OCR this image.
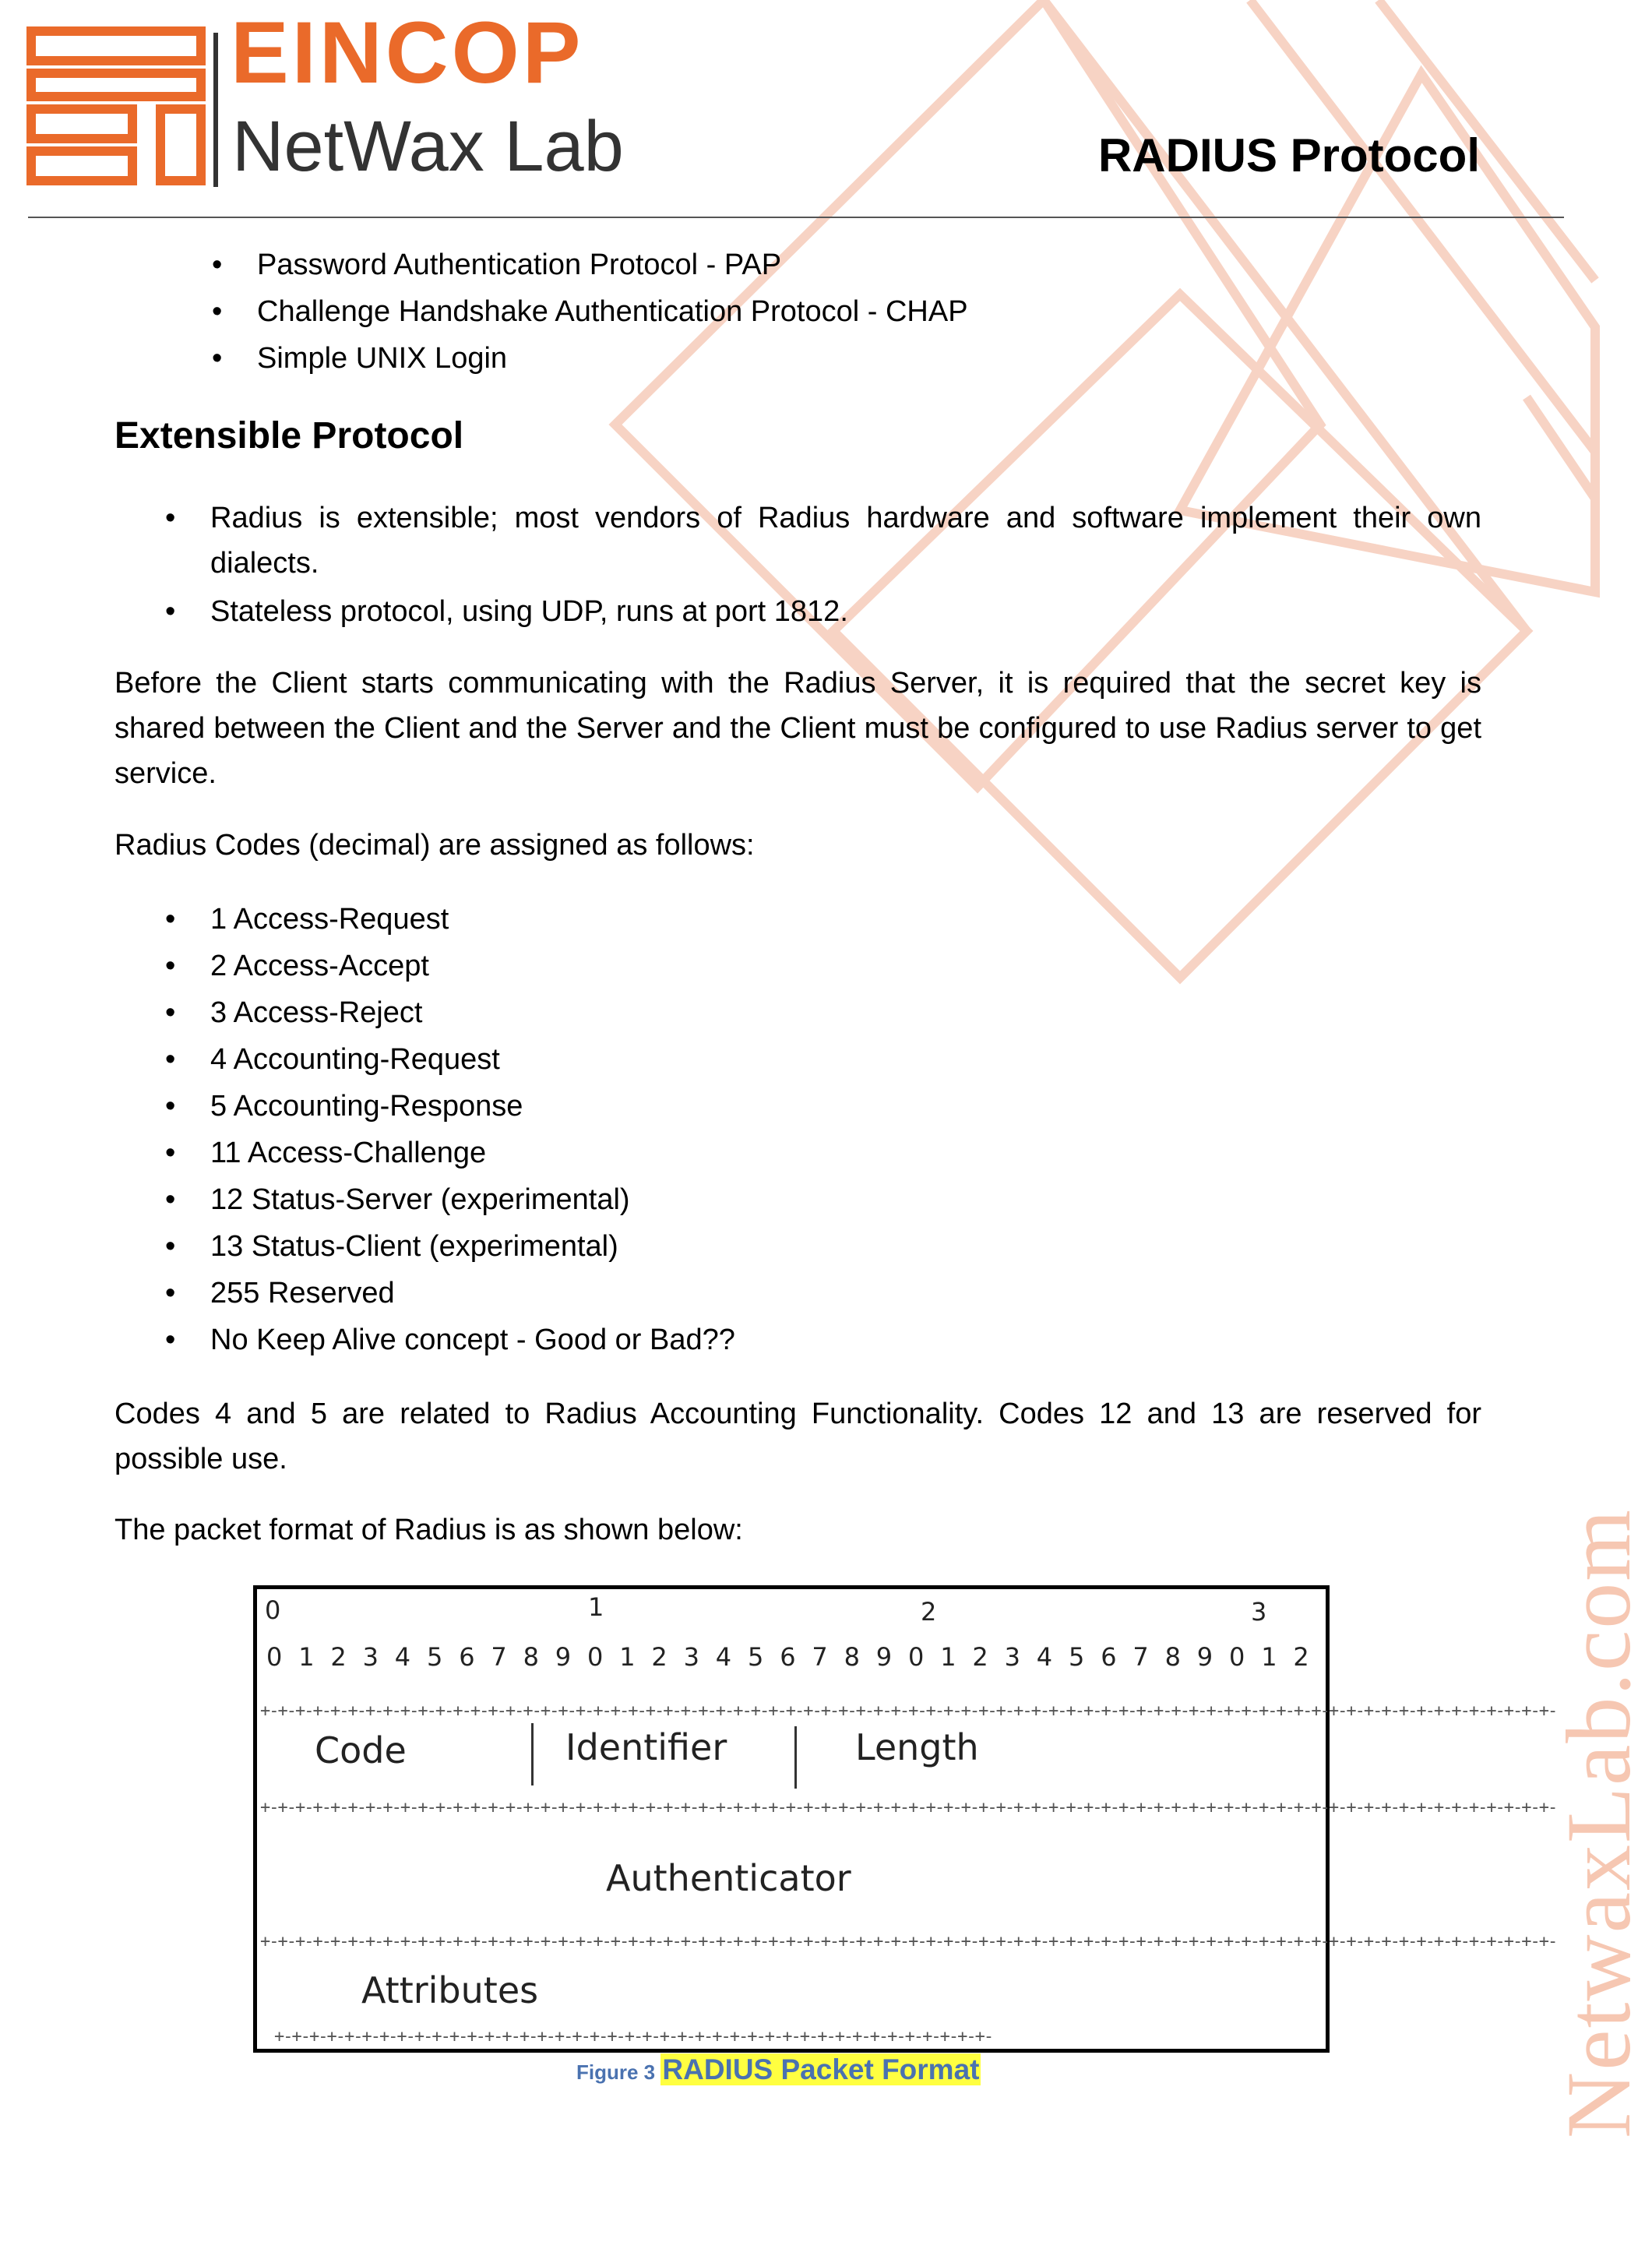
NetwaxLab.com
EINCOP
NetWax Lab	RADIUS Protocol
• Password Authentication Protocol - PAP
• Challenge Handshake Authentication Protocol - CHAP
• Simple UNIX Login
Extensible Protocol
• Radius is extensible; most vendors of Radius hardware and software implement their own dialects.
• Stateless protocol, using UDP, runs at port 1812.

Before the Client starts communicating with the Radius Server, it is required that the secret key is shared between the Client and the Server and the Client must be configured to use Radius server to get service.

Radius Codes (decimal) are assigned as follows:

• 1 Access-Request
• 2 Access-Accept
• 3 Access-Reject
• 4 Accounting-Request
• 5 Accounting-Response
• 11 Access-Challenge
• 12 Status-Server (experimental)
• 13 Status-Client (experimental)
• 255 Reserved
• No Keep Alive concept - Good or Bad??

Codes 4 and 5 are related to Radius Accounting Functionality. Codes 12 and 13 are reserved for possible use.

The packet format of Radius is as shown below:

0	1	2	3
0 1 2 3 4 5 6 7 8 9 0 1 2 3 4 5 6 7 8 9 0 1 2 3 4 5 6 7 8 9 0 1 2
+-+-+-+-+-+-+-+-+-+-+-+-+-+-+-+-+-+-+-+-+-+-+-+-+-+-+-+-+-+-+-+-+-+-+-+-+-+-+-+-+-+-+-+-+-+-+-+-+-+-+-+-+-+-+-+-+-+-+-+-+-+-+-+-+-+-+-+-+-+-+-+-+-+-
Code	Identifier	Length
+-+-+-+-+-+-+-+-+-+-+-+-+-+-+-+-+-+-+-+-+-+-+-+-+-+-+-+-+-+-+-+-+-+-+-+-+-+-+-+-+-+-+-+-+-+-+-+-+-+-+-+-+-+-+-+-+-+-+-+-+-+-+-+-+-+-+-+-+-+-+-+-+-+-
Authenticator
+-+-+-+-+-+-+-+-+-+-+-+-+-+-+-+-+-+-+-+-+-+-+-+-+-+-+-+-+-+-+-+-+-+-+-+-+-+-+-+-+-+-+-+-+-+-+-+-+-+-+-+-+-+-+-+-+-+-+-+-+-+-+-+-+-+-+-+-+-+-+-+-+-+-
Attributes
+-+-+-+-+-+-+-+-+-+-+-+-+-+-+-+-+-+-+-+-+-+-+-+-+-+-+-+-+-+-+-+-+-+-+-+-+-+-+-+-+-
Figure 3 RADIUS Packet Format
